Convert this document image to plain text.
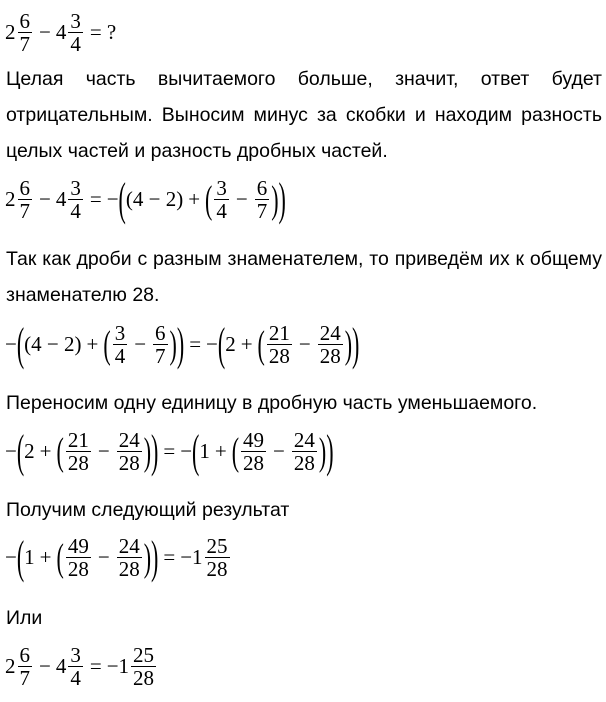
2 6
$7 - 4 \frac{3}{4}$ = ?

Целая часть вычитаемого больше, значит, ответ будет отрицательным. Выносим минус за скобки и находим разность целых частей и разность дробных частей.

2 6
$7 - 4 \frac{3}{4}$ = − ( (4 − 2) + ( 3
$4 - \frac{6}{7}$ ) )

Так как дроби с разным знаменателем, то приведём их к общему знаменателю 28.

− ( (4 − 2) + ( 3
$4 - \frac{6}{7}$ ) ) = − ( 2 + ( 21
$28 - \frac{24}{28}$ ) )

Переносим одну единицу в дробную часть уменьшаемого.

− ( 2 + ( 21
$28 - \frac{24}{28}$ ) ) = − ( 1 + ( 49
$28 - \frac{24}{28}$ ) )

Получим следующий результат

− ( 1 + ( 49
$28 - \frac{24}{28}$ ) ) = −1 25
28

Или

2 6
$7 - 4 \frac{3}{4} = -1$ 25
28
